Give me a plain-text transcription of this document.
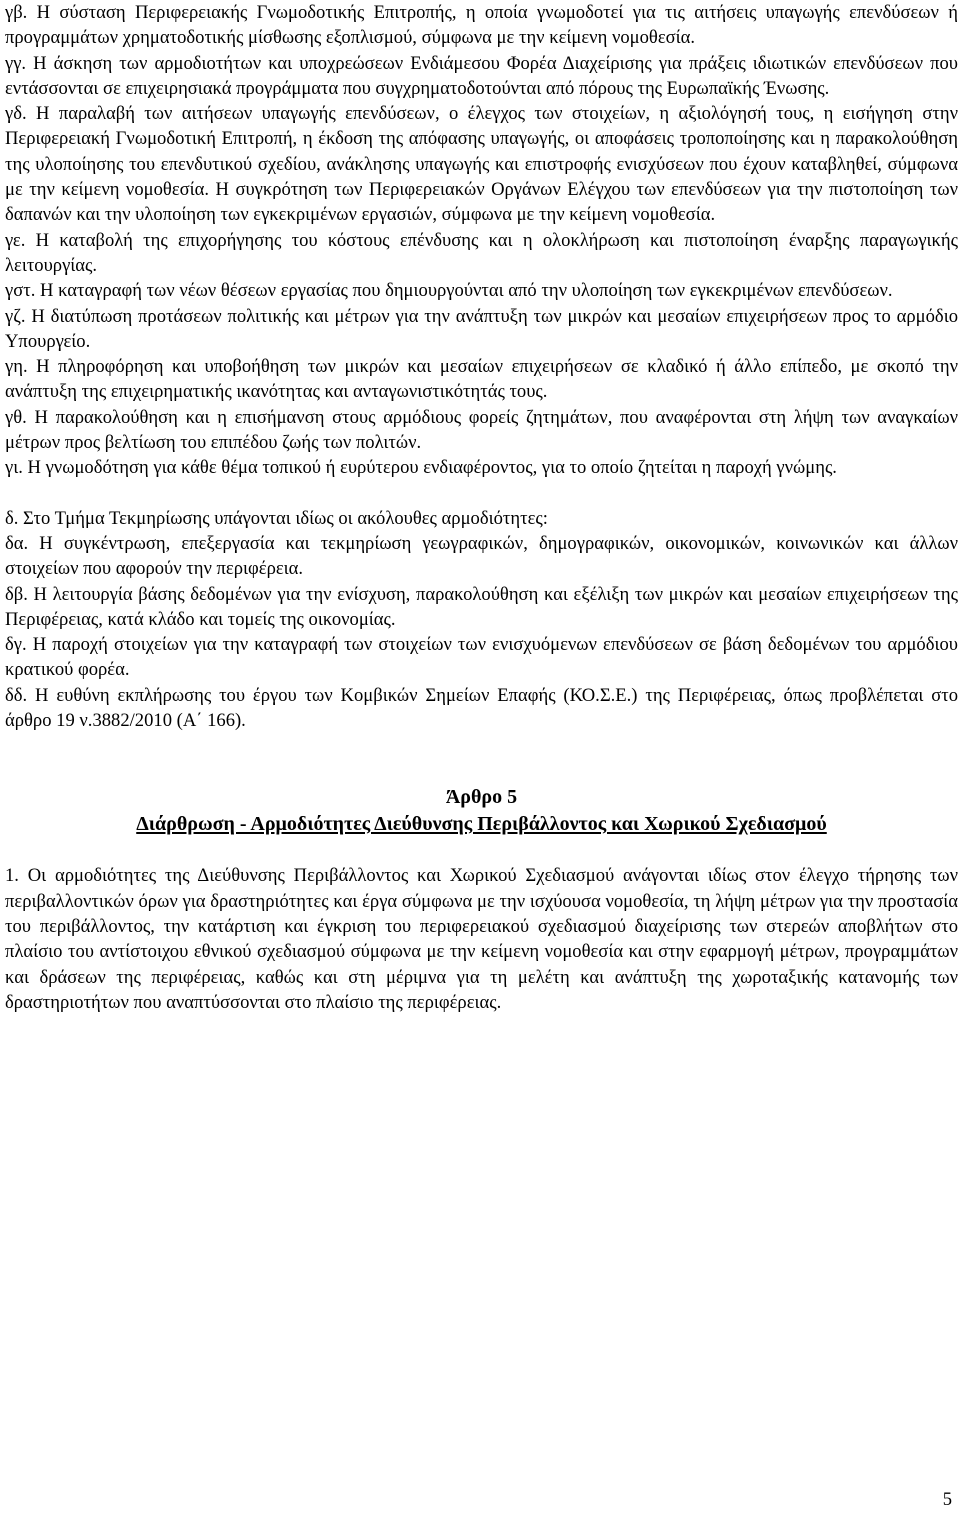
γβ. Η σύσταση Περιφερειακής Γνωμοδοτικής Επιτροπής, η οποία γνωμοδοτεί για τις αιτήσεις υπαγωγής επενδύσεων ή προγραμμάτων χρηματοδοτικής μίσθωσης εξοπλισμού, σύμφωνα με την κείμενη νομοθεσία.

γγ. Η άσκηση των αρμοδιοτήτων και υποχρεώσεων Ενδιάμεσου Φορέα Διαχείρισης για πράξεις ιδιωτικών επενδύσεων που εντάσσονται σε επιχειρησιακά προγράμματα που συγχρηματοδοτούνται από πόρους της Ευρωπαϊκής Ένωσης.

γδ. Η παραλαβή των αιτήσεων υπαγωγής επενδύσεων, ο έλεγχος των στοιχείων, η αξιολόγησή τους, η εισήγηση στην Περιφερειακή Γνωμοδοτική Επιτροπή, η έκδοση της απόφασης υπαγωγής, οι αποφάσεις τροποποίησης και η παρακολούθηση της υλοποίησης του επενδυτικού σχεδίου, ανάκλησης υπαγωγής και επιστροφής ενισχύσεων που έχουν καταβληθεί, σύμφωνα με την κείμενη νομοθεσία. Η συγκρότηση των Περιφερειακών Οργάνων Ελέγχου των επενδύσεων για την πιστοποίηση των δαπανών και την υλοποίηση των εγκεκριμένων εργασιών, σύμφωνα με την κείμενη νομοθεσία.

γε. Η καταβολή της επιχορήγησης του κόστους επένδυσης και η ολοκλήρωση και πιστοποίηση έναρξης παραγωγικής λειτουργίας.

γστ. Η καταγραφή των νέων θέσεων εργασίας που δημιουργούνται από την υλοποίηση των εγκεκριμένων επενδύσεων.

γζ. Η διατύπωση προτάσεων πολιτικής και μέτρων για την ανάπτυξη των μικρών και μεσαίων επιχειρήσεων προς το αρμόδιο Υπουργείο.

γη. Η πληροφόρηση και υποβοήθηση των μικρών και μεσαίων επιχειρήσεων σε κλαδικό ή άλλο επίπεδο, με σκοπό την ανάπτυξη της επιχειρηματικής ικανότητας και ανταγωνιστικότητάς τους.

γθ. Η παρακολούθηση και η επισήμανση στους αρμόδιους φορείς ζητημάτων, που αναφέρονται στη λήψη των αναγκαίων μέτρων προς βελτίωση του επιπέδου ζωής των πολιτών.

γι. Η γνωμοδότηση για κάθε θέμα τοπικού ή ευρύτερου ενδιαφέροντος, για το οποίο ζητείται η παροχή γνώμης.

δ. Στο Τμήμα Τεκμηρίωσης υπάγονται ιδίως οι ακόλουθες αρμοδιότητες:

δα. Η συγκέντρωση, επεξεργασία και τεκμηρίωση γεωγραφικών, δημογραφικών, οικονομικών, κοινωνικών και άλλων στοιχείων που αφορούν την περιφέρεια.

δβ. Η λειτουργία βάσης δεδομένων για την ενίσχυση, παρακολούθηση και εξέλιξη των μικρών και μεσαίων επιχειρήσεων της Περιφέρειας, κατά κλάδο και τομείς της οικονομίας.

δγ. Η παροχή στοιχείων για την καταγραφή των στοιχείων των ενισχυόμενων επενδύσεων σε βάση δεδομένων του αρμόδιου κρατικού φορέα.

δδ. Η ευθύνη εκπλήρωσης του έργου των Κομβικών Σημείων Επαφής (ΚΟ.Σ.Ε.) της Περιφέρειας, όπως προβλέπεται στο άρθρο 19 ν.3882/2010 (Α΄ 166).

Άρθρο 5
Διάρθρωση - Αρμοδιότητες Διεύθυνσης Περιβάλλοντος και Χωρικού Σχεδιασμού

1. Οι αρμοδιότητες της Διεύθυνσης Περιβάλλοντος και Χωρικού Σχεδιασμού ανάγονται ιδίως στον έλεγχο τήρησης των περιβαλλοντικών όρων για δραστηριότητες και έργα σύμφωνα με την ισχύουσα νομοθεσία, τη λήψη μέτρων για την προστασία του περιβάλλοντος, την κατάρτιση και έγκριση του περιφερειακού σχεδιασμού διαχείρισης των στερεών αποβλήτων στο πλαίσιο του αντίστοιχου εθνικού σχεδιασμού σύμφωνα με την κείμενη νομοθεσία και στην εφαρμογή μέτρων, προγραμμάτων και δράσεων της περιφέρειας, καθώς και στη μέριμνα για τη μελέτη και ανάπτυξη της χωροταξικής κατανομής των δραστηριοτήτων που αναπτύσσονται στο πλαίσιο της περιφέρειας.

5
